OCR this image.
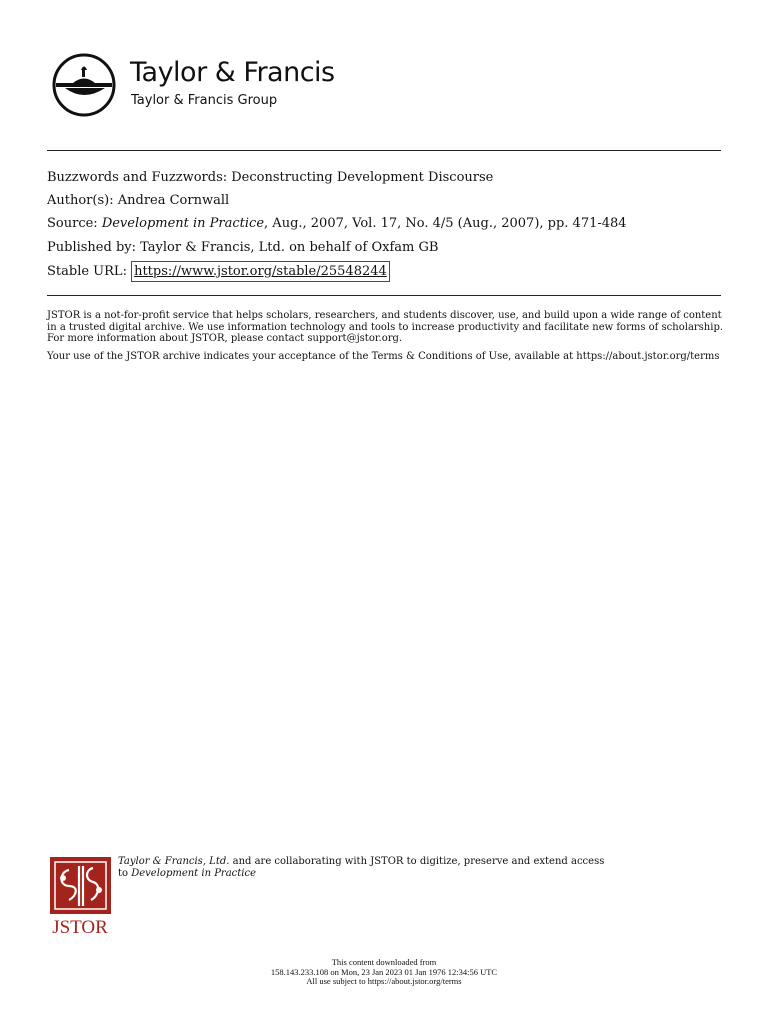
Taylor & Francis
Taylor & Francis Group
Buzzwords and Fuzzwords: Deconstructing Development Discourse
Author(s): Andrea Cornwall
Source: Development in Practice, Aug., 2007, Vol. 17, No. 4/5 (Aug., 2007), pp. 471-484
Published by: Taylor & Francis, Ltd. on behalf of Oxfam GB
Stable URL: https://www.jstor.org/stable/25548244

JSTOR is a not-for-profit service that helps scholars, researchers, and students discover, use, and build upon a wide range of content in a trusted digital archive. We use information technology and tools to increase productivity and facilitate new forms of scholarship. For more information about JSTOR, please contact support@jstor.org.

Your use of the JSTOR archive indicates your acceptance of the Terms & Conditions of Use, available at https://about.jstor.org/terms

JSTOR
Taylor & Francis, Ltd. and are collaborating with JSTOR to digitize, preserve and extend access
to Development in Practice
This content downloaded from
158.143.233.108 on Mon, 23 Jan 2023 01 Jan 1976 12:34:56 UTC
All use subject to https://about.jstor.org/terms
